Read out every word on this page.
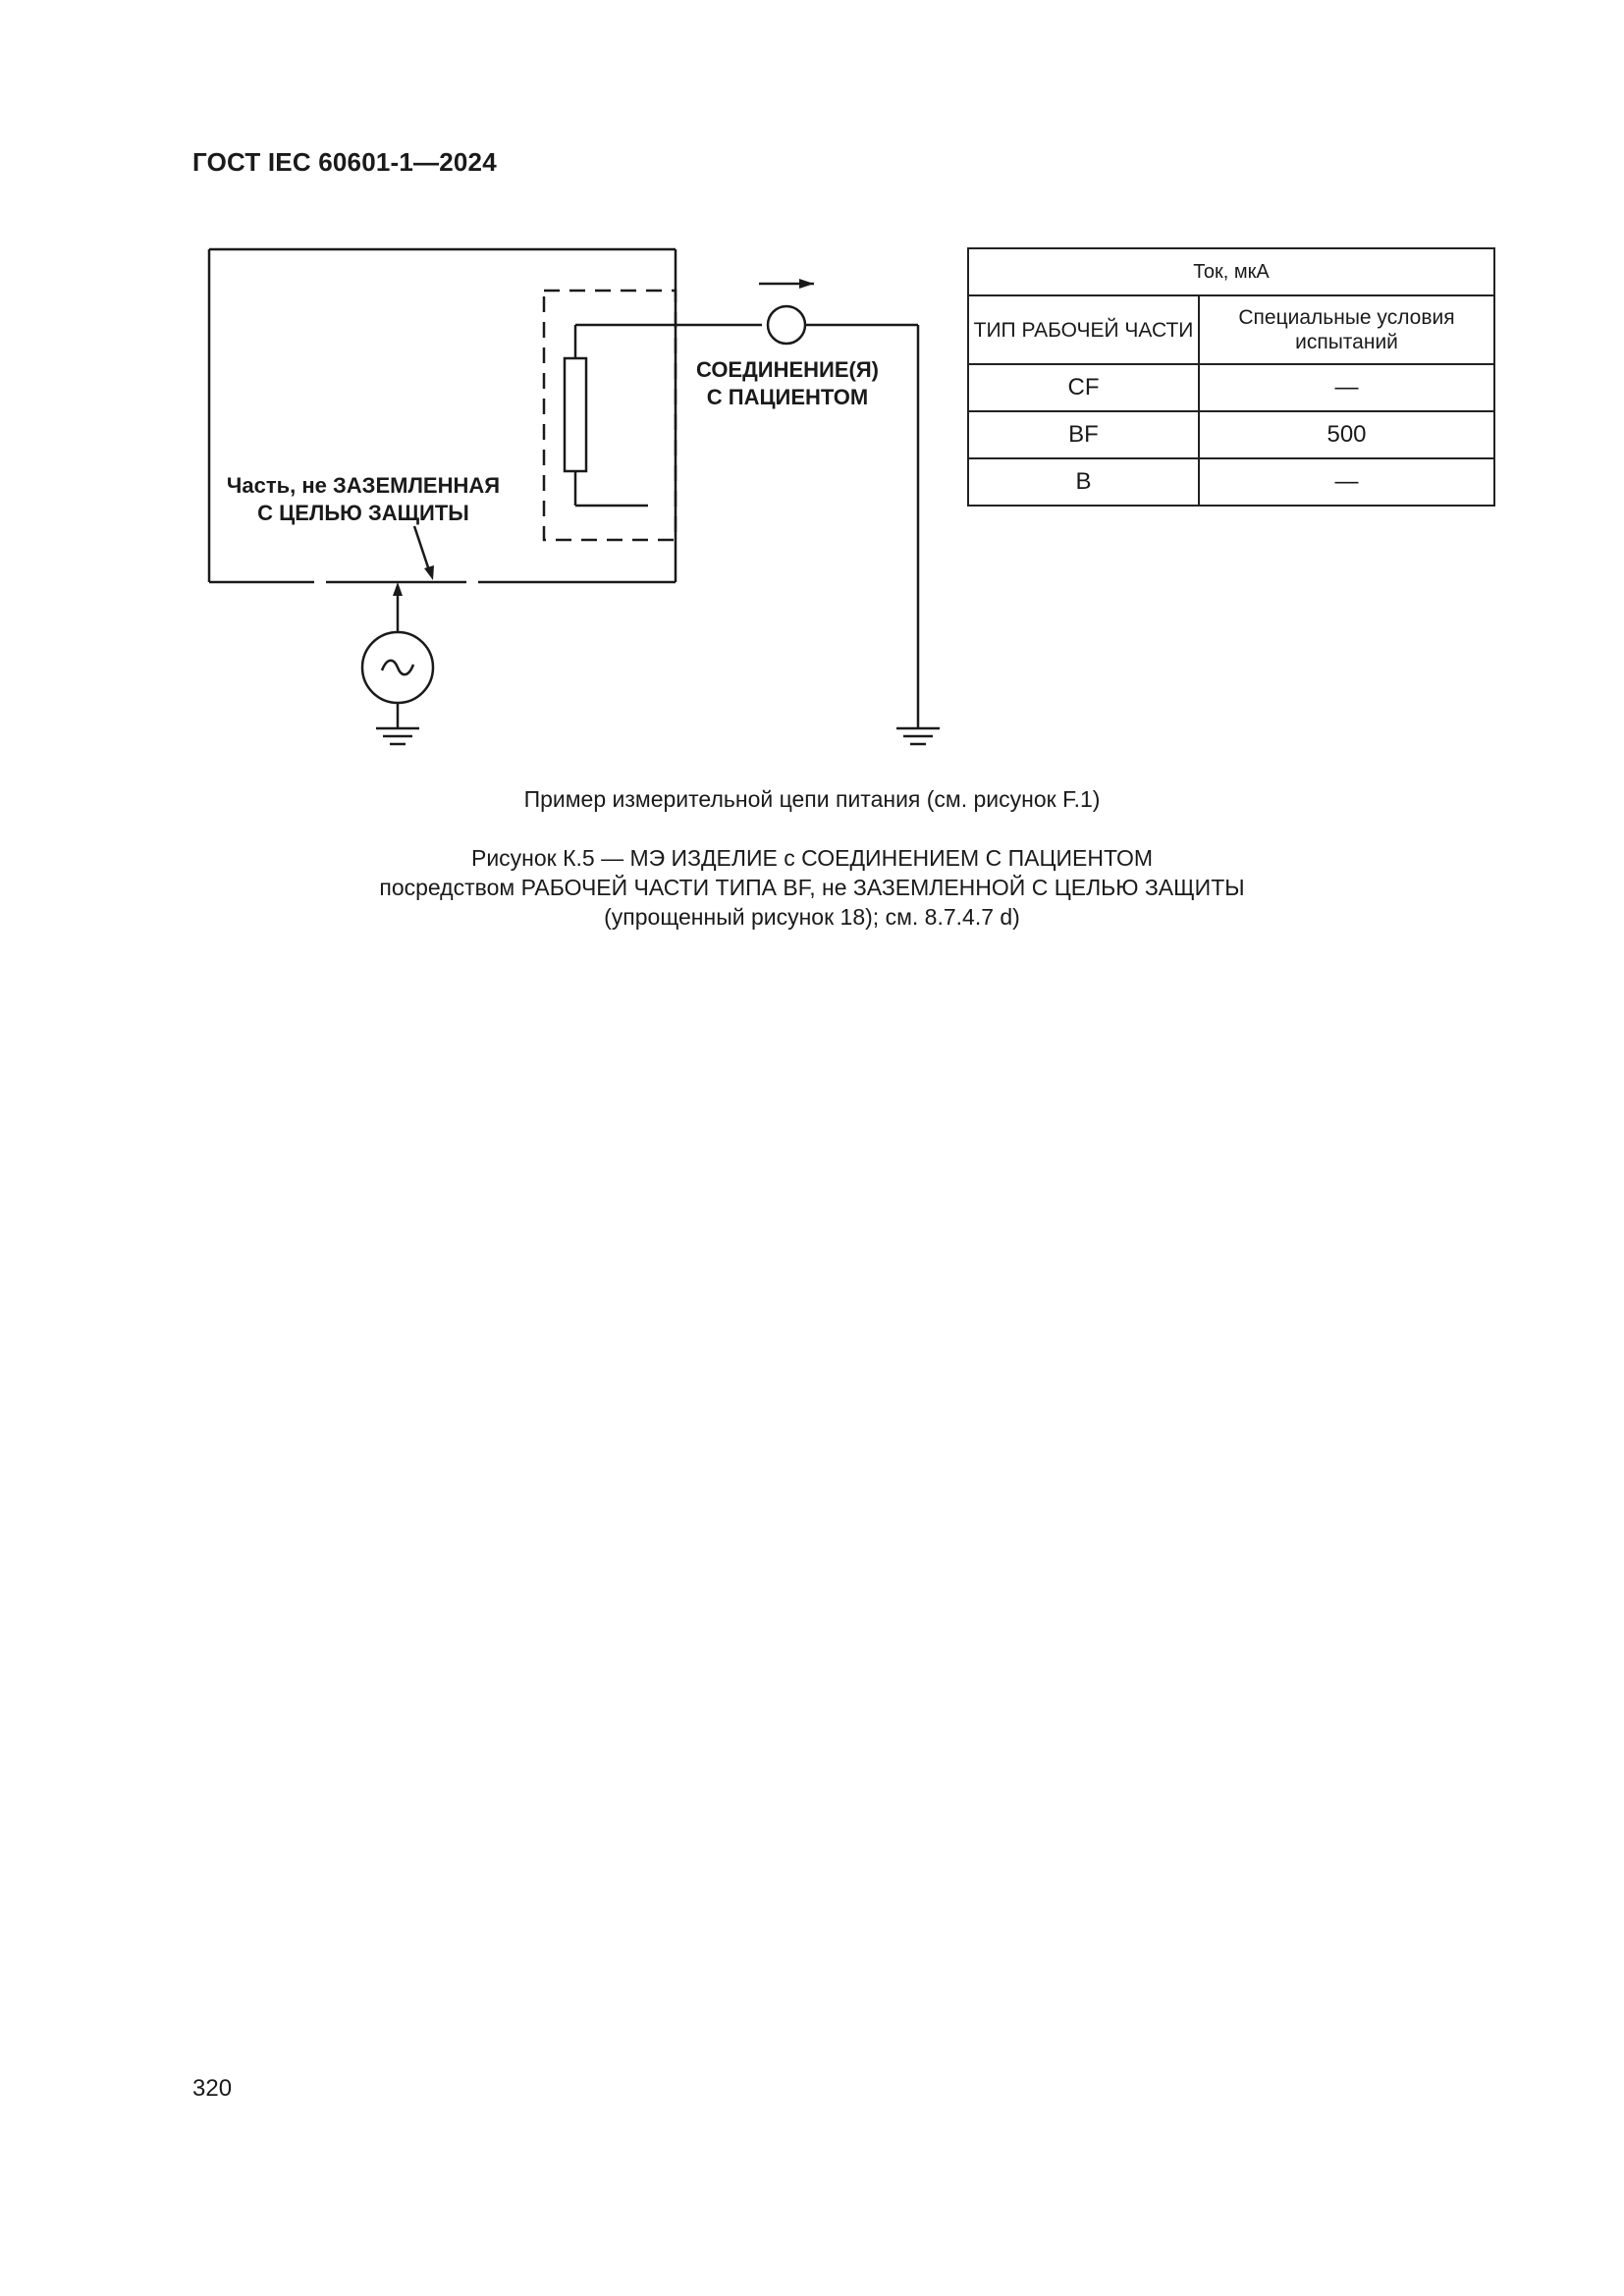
ГОСТ IEC 60601-1—2024
СОЕДИНЕНИЕ(Я)
С ПАЦИЕНТОМ
Часть, не ЗАЗЕМЛЕННАЯ
С ЦЕЛЬЮ ЗАЩИТЫ
Ток, мкА	
ТИП РАБОЧЕЙ ЧАСТИ	Специальные условия испытаний
CF	—
BF	500
B	—
Пример измерительной цепи питания (см. рисунок F.1)
Рисунок К.5 — МЭ ИЗДЕЛИЕ с СОЕДИНЕНИЕМ С ПАЦИЕНТОМ
посредством РАБОЧЕЙ ЧАСТИ ТИПА BF, не ЗАЗЕМЛЕННОЙ С ЦЕЛЬЮ ЗАЩИТЫ
(упрощенный рисунок 18); см. 8.7.4.7 d)
320
